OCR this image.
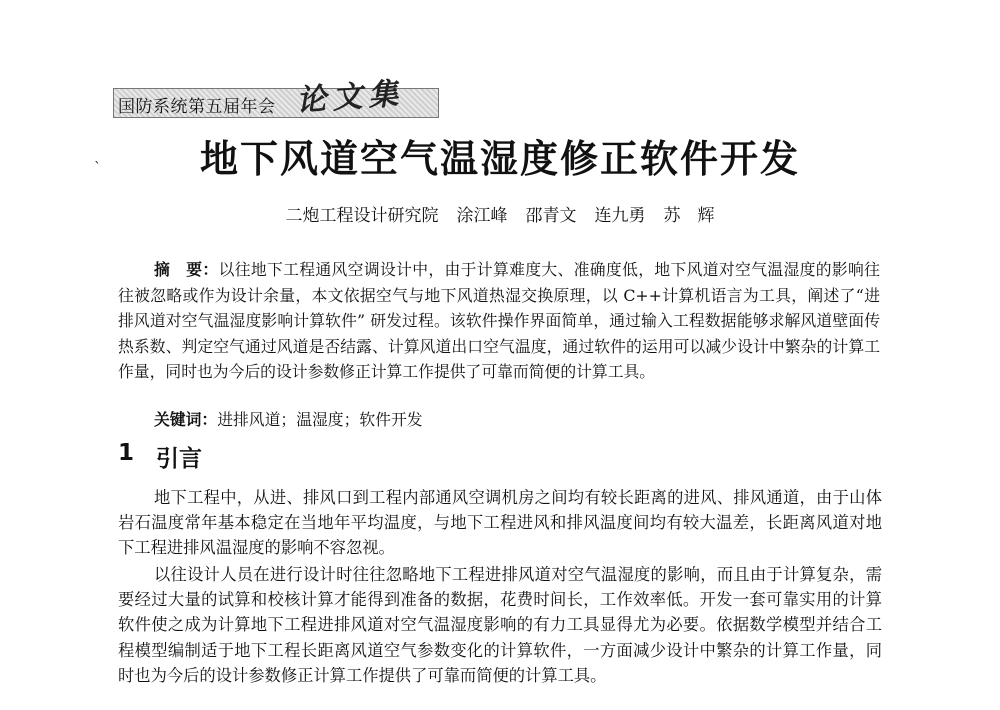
国防系统第五届年会 论文集
ˎ	地下风道空气温湿度修正软件开发
二炮工程设计研究院 涂江峰 邵青文 连九勇 苏　辉

摘　要：以往地下工程通风空调设计中，由于计算难度大、准确度低，地下风道对空气温湿度的影响往往被忽略或作为设计余量，本文依据空气与地下风道热湿交换原理，以 C++计算机语言为工具，阐述了“进排风道对空气温湿度影响计算软件” 研发过程。该软件操作界面简单，通过输入工程数据能够求解风道壁面传热系数、判定空气通过风道是否结露、计算风道出口空气温度，通过软件的运用可以减少设计中繁杂的计算工作量，同时也为今后的设计参数修正计算工作提供了可靠而简便的计算工具。

关键词：进排风道；温湿度；软件开发

1 引言

地下工程中，从进、排风口到工程内部通风空调机房之间均有较长距离的进风、排风通道，由于山体岩石温度常年基本稳定在当地年平均温度，与地下工程进风和排风温度间均有较大温差，长距离风道对地下工程进排风温湿度的影响不容忽视。

以往设计人员在进行设计时往往忽略地下工程进排风道对空气温湿度的影响，而且由于计算复杂，需要经过大量的试算和校核计算才能得到准备的数据，花费时间长，工作效率低。开发一套可靠实用的计算软件使之成为计算地下工程进排风道对空气温湿度影响的有力工具显得尤为必要。依据数学模型并结合工程模型编制适于地下工程长距离风道空气参数变化的计算软件，一方面减少设计中繁杂的计算工作量，同时也为今后的设计参数修正计算工作提供了可靠而简便的计算工具。
